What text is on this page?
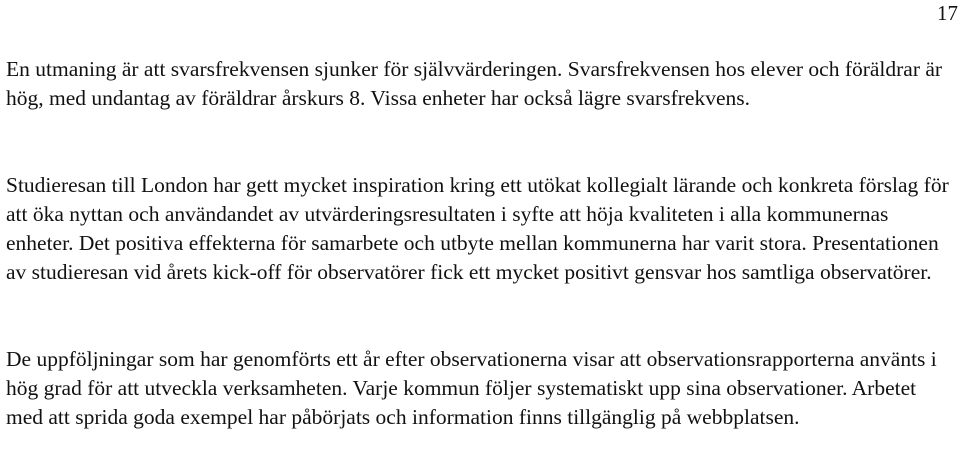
17

En utmaning är att svarsfrekvensen sjunker för självvärderingen. Svarsfrekvensen hos elever och föräldrar är hög, med undantag av föräldrar årskurs 8. Vissa enheter har också lägre svarsfrekvens.

Studieresan till London har gett mycket inspiration kring ett utökat kollegialt lärande och konkreta förslag för att öka nyttan och användandet av utvärderingsresultaten i syfte att höja kvaliteten i alla kommunernas enheter. Det positiva effekterna för samarbete och utbyte mellan kommunerna har varit stora. Presentationen av studieresan vid årets kick-off för observatörer fick ett mycket positivt gensvar hos samtliga observatörer.

De uppföljningar som har genomförts ett år efter observationerna visar att observationsrapporterna använts i hög grad för att utveckla verksamheten. Varje kommun följer systematiskt upp sina observationer. Arbetet med att sprida goda exempel har påbörjats och information finns tillgänglig på webbplatsen.
